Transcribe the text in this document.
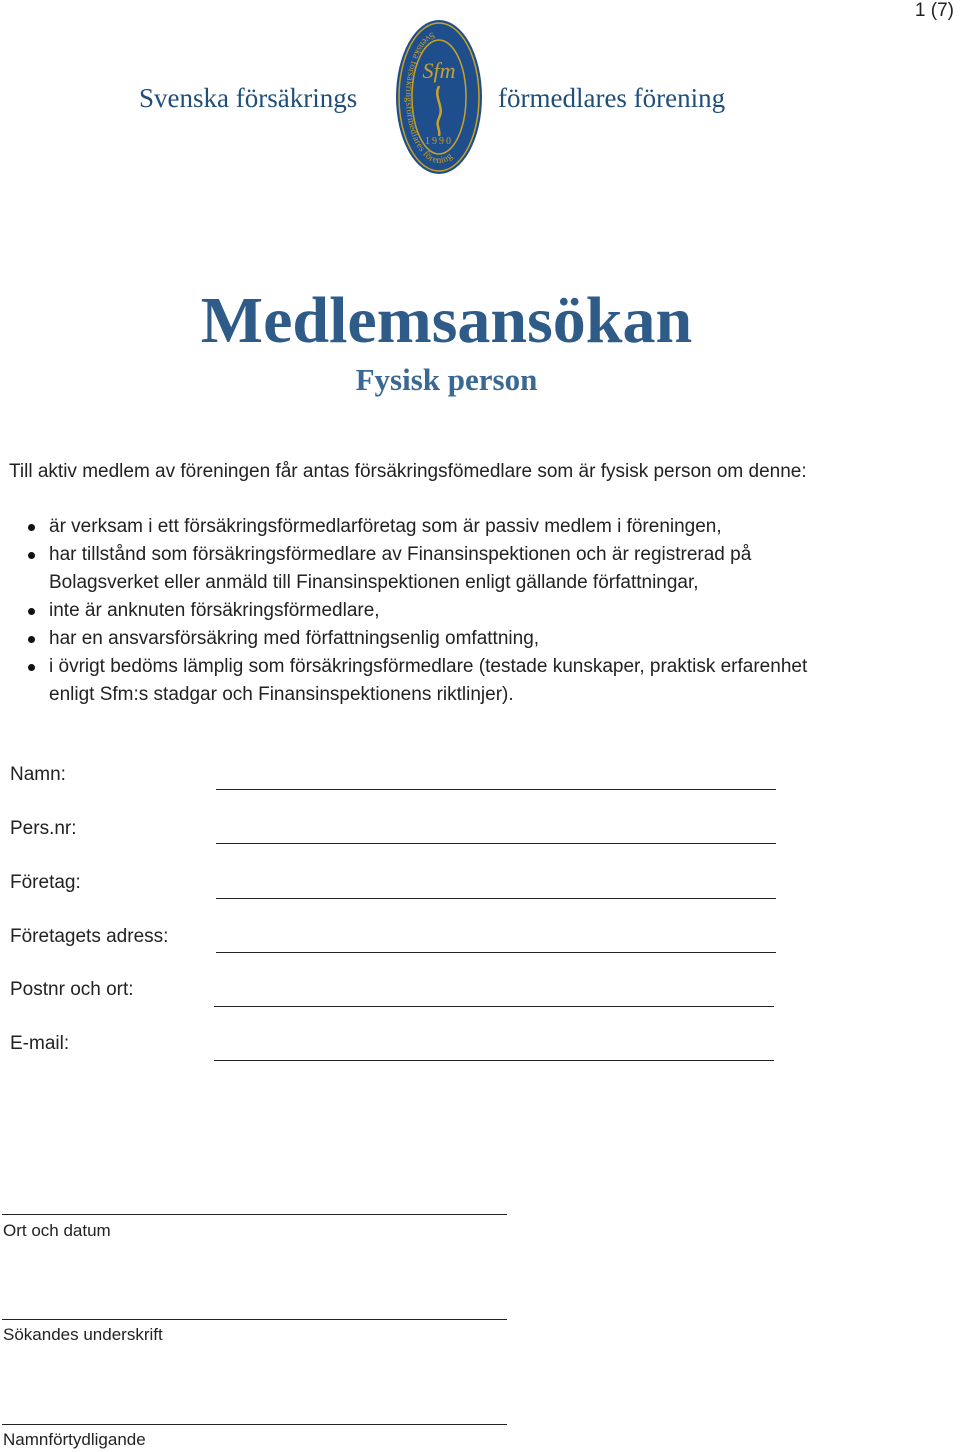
1 (7)
Svenska försäkrings	förmedlares förening
Svenska försäkringsförmedlares förening
Sfm
1990
Medlemsansökan
Fysisk person
Till aktiv medlem av föreningen får antas försäkringsfömedlare som är fysisk person om denne:
är verksam i ett försäkringsförmedlarföretag som är passiv medlem i föreningen,
har tillstånd som försäkringsförmedlare av Finansinspektionen och är registrerad på Bolagsverket eller anmäld till Finansinspektionen enligt gällande författningar,
inte är anknuten försäkringsförmedlare,
har en ansvarsförsäkring med författningsenlig omfattning,
i övrigt bedöms lämplig som försäkringsförmedlare (testade kunskaper, praktisk erfarenhet enligt Sfm:s stadgar och Finansinspektionens riktlinjer).
Namn:
Pers.nr:
Företag:
Företagets adress:
Postnr och ort:
E-mail:
Ort och datum
Sökandes underskrift
Namnförtydligande
